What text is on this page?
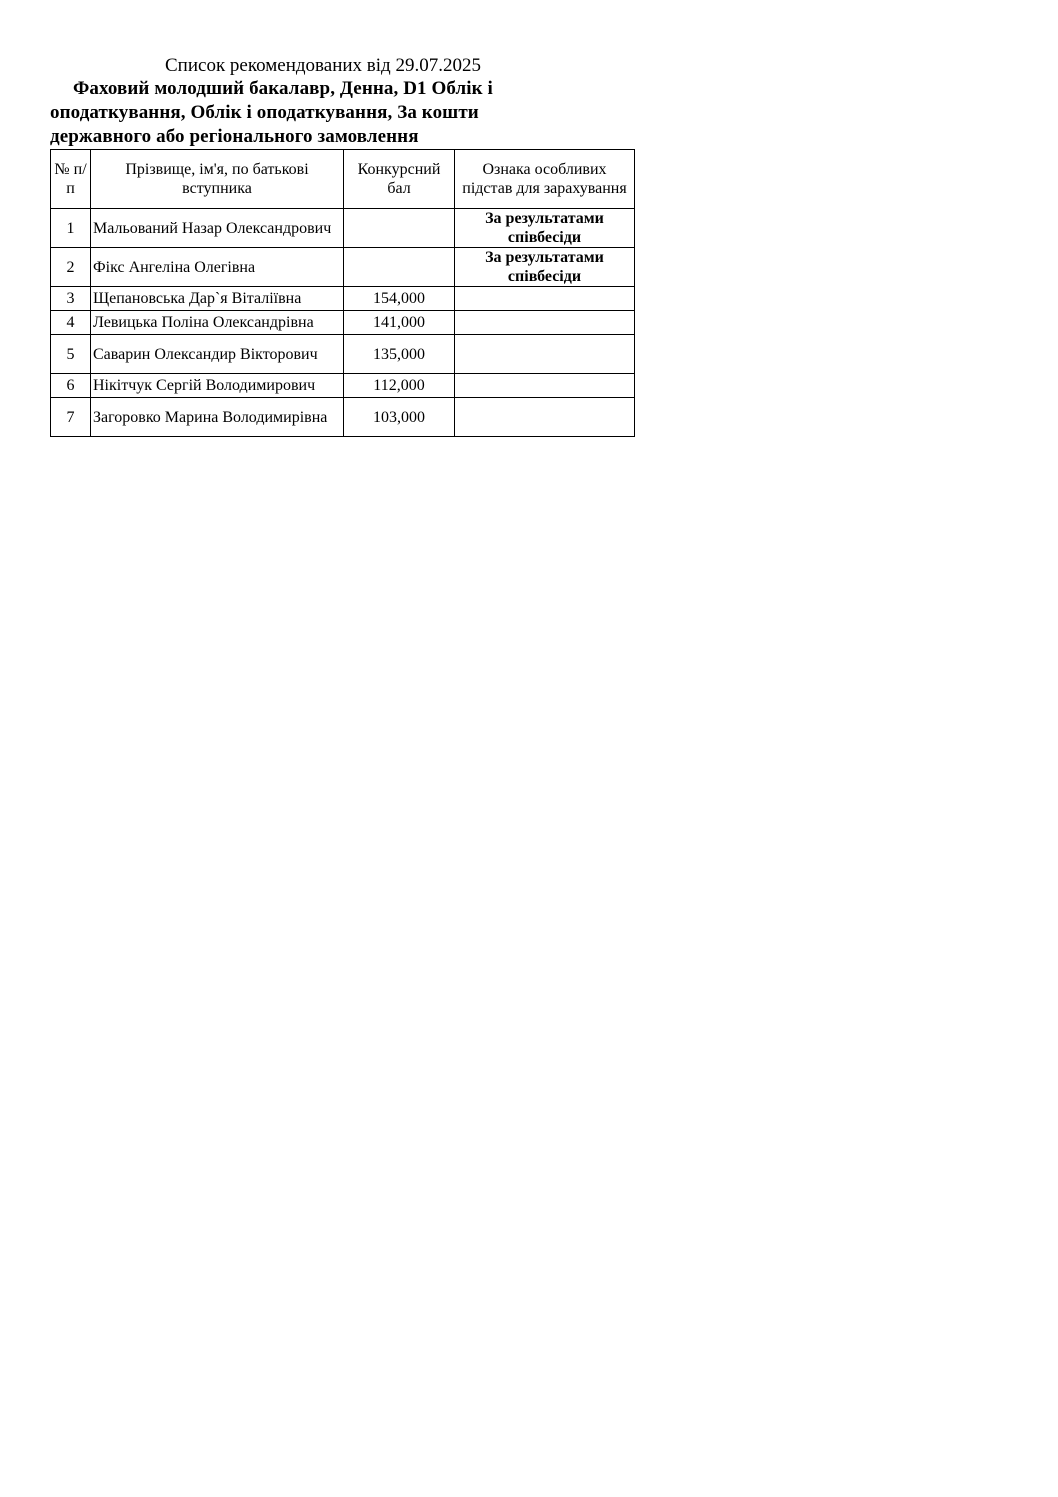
Список рекомендованих від 29.07.2025
Фаховий молодший бакалавр, Денна, D1 Облік і оподаткування, Облік і оподаткування, За кошти державного або регіонального замовлення
№ п/п	Прізвище, ім'я, по батькові вступника	Конкурсний бал	Ознака особливих підстав для зарахування
1	Мальований Назар Олександрович		За результатами співбесіди
2	Фікс Ангеліна Олегівна		За результатами співбесіди
3	Щепановська Дар`я Віталіївна	154,000	
4	Левицька Поліна Олександрівна	141,000	
5	Саварин Олександир Вікторович	135,000	
6	Нікітчук Сергій Володимирович	112,000	
7	Загоровко Марина Володимирівна	103,000	
